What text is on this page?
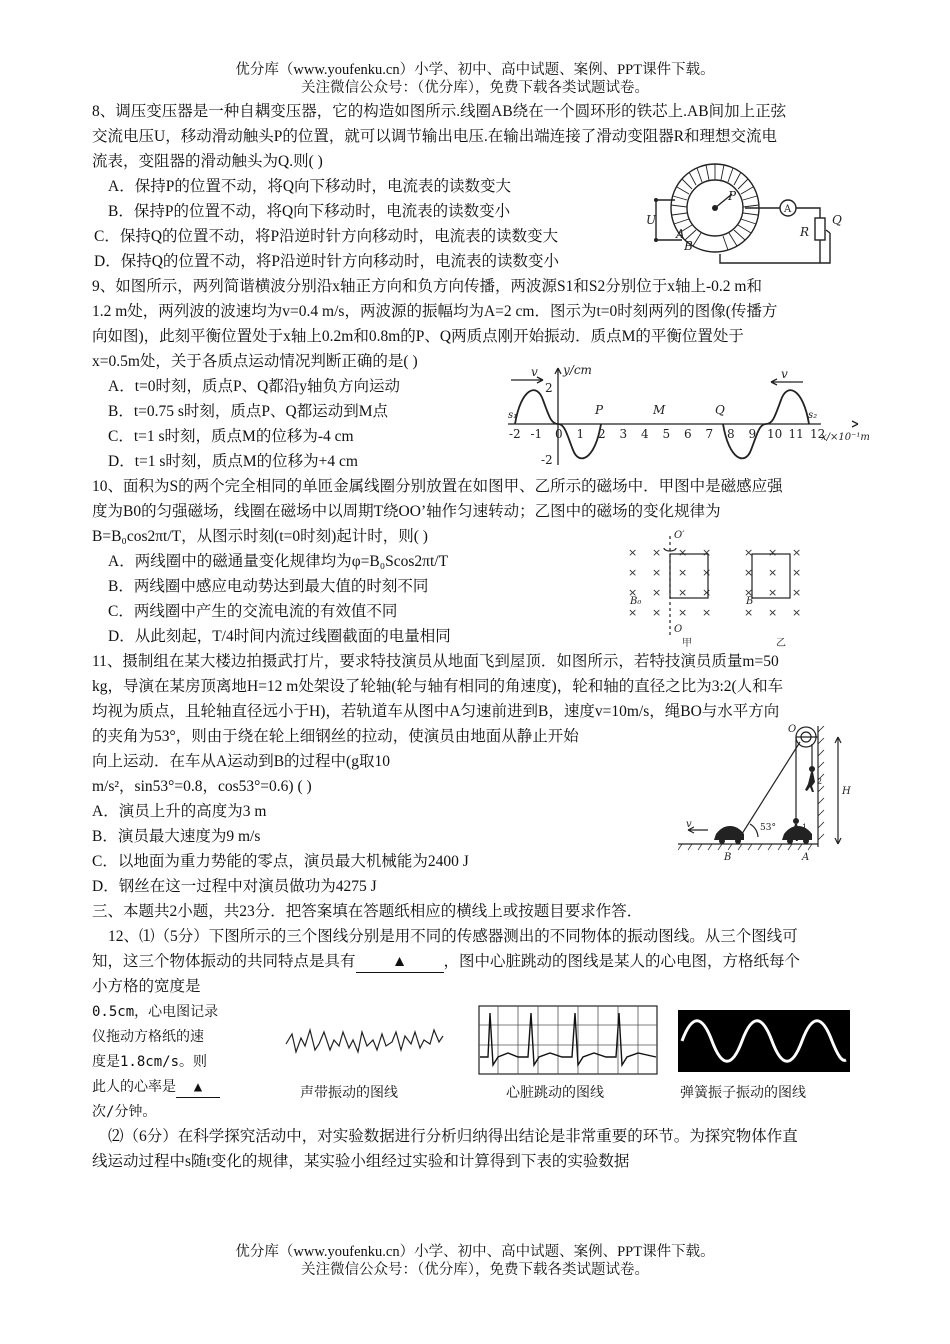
优分库（www.youfenku.cn）小学、初中、高中试题、案例、PPT课件下载。
关注微信公众号：（优分库），免费下载各类试题试卷。
8、调压变压器是一种自耦变压器，它的构造如图所示.线圈AB绕在一个圆环形的铁芯上.AB间加上正弦
交流电压U，移动滑动触头P的位置，就可以调节输出电压.在输出端连接了滑动变阻器R和理想交流电
流表，变阻器的滑动触头为Q.则( )
A．保持P的位置不动，将Q向下移动时，电流表的读数变大
B．保持P的位置不动，将Q向下移动时，电流表的读数变小
C．保持Q的位置不动，将P沿逆时针方向移动时，电流表的读数变大
D．保持Q的位置不动，将P沿逆时针方向移动时，电流表的读数变小
P
A
B
U
R
Q
A
9、如图所示，两列简谐横波分别沿x轴正方向和负方向传播，两波源S1和S2分别位于x轴上-0.2 m和
1.2 m处，两列波的波速均为v=0.4 m/s，两波源的振幅均为A=2 cm．图示为t=0时刻两列的图像(传播方
向如图)，此刻平衡位置处于x轴上0.2m和0.8m的P、Q两质点刚开始振动．质点M的平衡位置处于
x=0.5m处，关于各质点运动情况判断正确的是( )
A．t=0时刻，质点P、Q都沿y轴负方向运动
B．t=0.75 s时刻，质点P、Q都运动到M点
C．t=1 s时刻，质点M的位移为-4 cm
D．t=1 s时刻，质点M的位移为+4 cm
y/cm
v	v
s₁	s₂
P	M	Q
2
-2
x/×10⁻¹m
-2 -1 0 1 2 3 4 5 6 7 8 9 10 11 12
10、面积为S的两个完全相同的单匝金属线圈分别放置在如图甲、乙所示的磁场中．甲图中是磁感应强
度为B0的匀强磁场，线圈在磁场中以周期T绕OO’轴作匀速转动；乙图中的磁场的变化规律为
B=B₀cos2πt/T，从图示时刻(t=0时刻)起计时，则( )
A．两线圈中的磁通量变化规律均为φ=B₀Scos2πt/T
B．两线圈中感应电动势达到最大值的时刻不同
C．两线圈中产生的交流电流的有效值不同
D．从此刻起，T/4时间内流过线圈截面的电量相同
×
×
×
×
×
×
×
×
×
×
×
×
×
×
×
×
×
×
×
×
×
×
×
×
×
×
×
×
O′
O
B₀	B
甲	乙
11、摄制组在某大楼边拍摄武打片，要求特技演员从地面飞到屋顶．如图所示，若特技演员质量m=50
kg，导演在某房顶离地H=12 m处架设了轮轴(轮与轴有相同的角速度)，轮和轴的直径之比为3:2(人和车
均视为质点，且轮轴直径远小于H)，若轨道车从图中A匀速前进到B，速度v=10m/s，绳BO与水平方向
的夹角为53°，则由于绕在轮上细钢丝的拉动，使演员由地面从静止开始
向上运动．在车从A运动到B的过程中(g取10
m/s²，sin53°=0.8，cos53°=0.6) ( )
A．演员上升的高度为3 m
B．演员最大速度为9 m/s
C．以地面为重力势能的零点，演员最大机械能为2400 J
D．钢丝在这一过程中对演员做功为4275 J
O
H
v	53°
B	A
1
2
三、本题共2小题，共23分．把答案填在答题纸相应的横线上或按题目要求作答．
12、⑴（5分）下图所示的三个图线分别是用不同的传感器测出的不同物体的振动图线。从三个图线可
知，这三个物体振动的共同特点是具有 ▲ ，图中心脏跳动的图线是某人的心电图，方格纸每个
小方格的宽度是
0.5cm，心电图记录
仪拖动方格纸的速
度是1.8cm/s。则
此人的心率是 ▲
次/分钟。
声带振动的图线	心脏跳动的图线	弹簧振子振动的图线
⑵（6分）在科学探究活动中，对实验数据进行分析归纳得出结论是非常重要的环节。为探究物体作直
线运动过程中s随t变化的规律，某实验小组经过实验和计算得到下表的实验数据
优分库（www.youfenku.cn）小学、初中、高中试题、案例、PPT课件下载。
关注微信公众号：（优分库），免费下载各类试题试卷。
